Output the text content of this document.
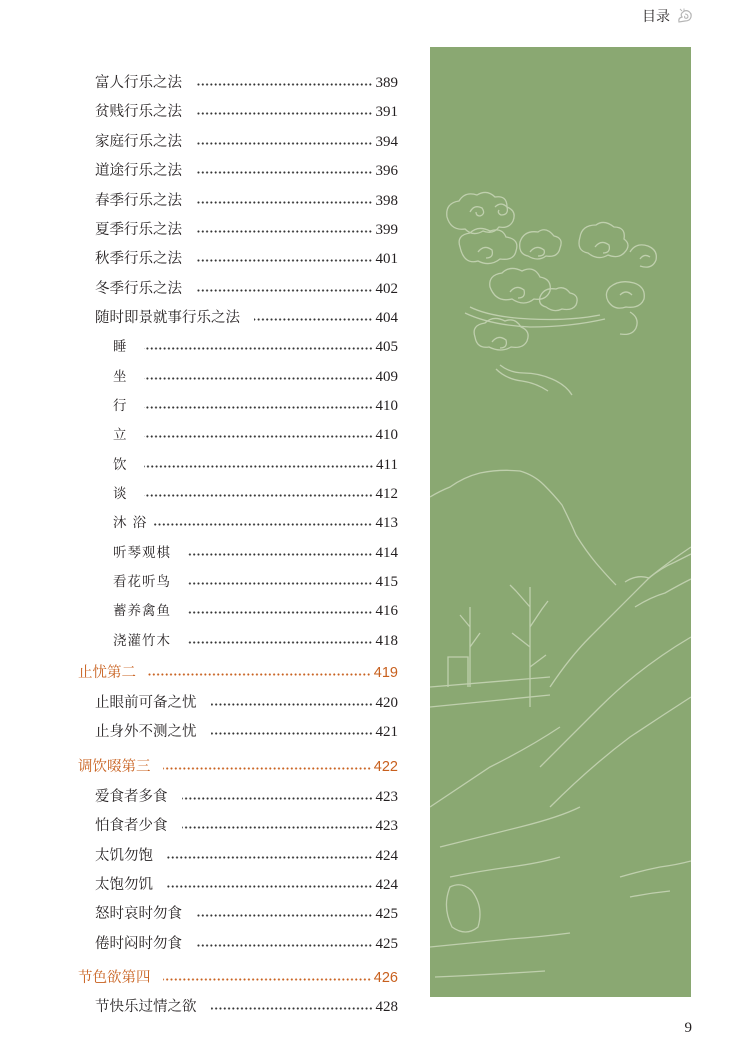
目录
富人行乐之法	389
贫贱行乐之法	391
家庭行乐之法	394
道途行乐之法	396
春季行乐之法	398
夏季行乐之法	399
秋季行乐之法	401
冬季行乐之法	402
随时即景就事行乐之法	404
睡	405
坐	409
行	410
立	410
饮	411
谈	412
沐 浴	413
听琴观棋	414
看花听鸟	415
蓄养禽鱼	416
浇灌竹木	418
止忧第二	419
止眼前可备之忧	420
止身外不测之忧	421
调饮啜第三	422
爱食者多食	423
怕食者少食	423
太饥勿饱	424
太饱勿饥	424
怒时哀时勿食	425
倦时闷时勿食	425
节色欲第四	426
节快乐过情之欲	428
9
